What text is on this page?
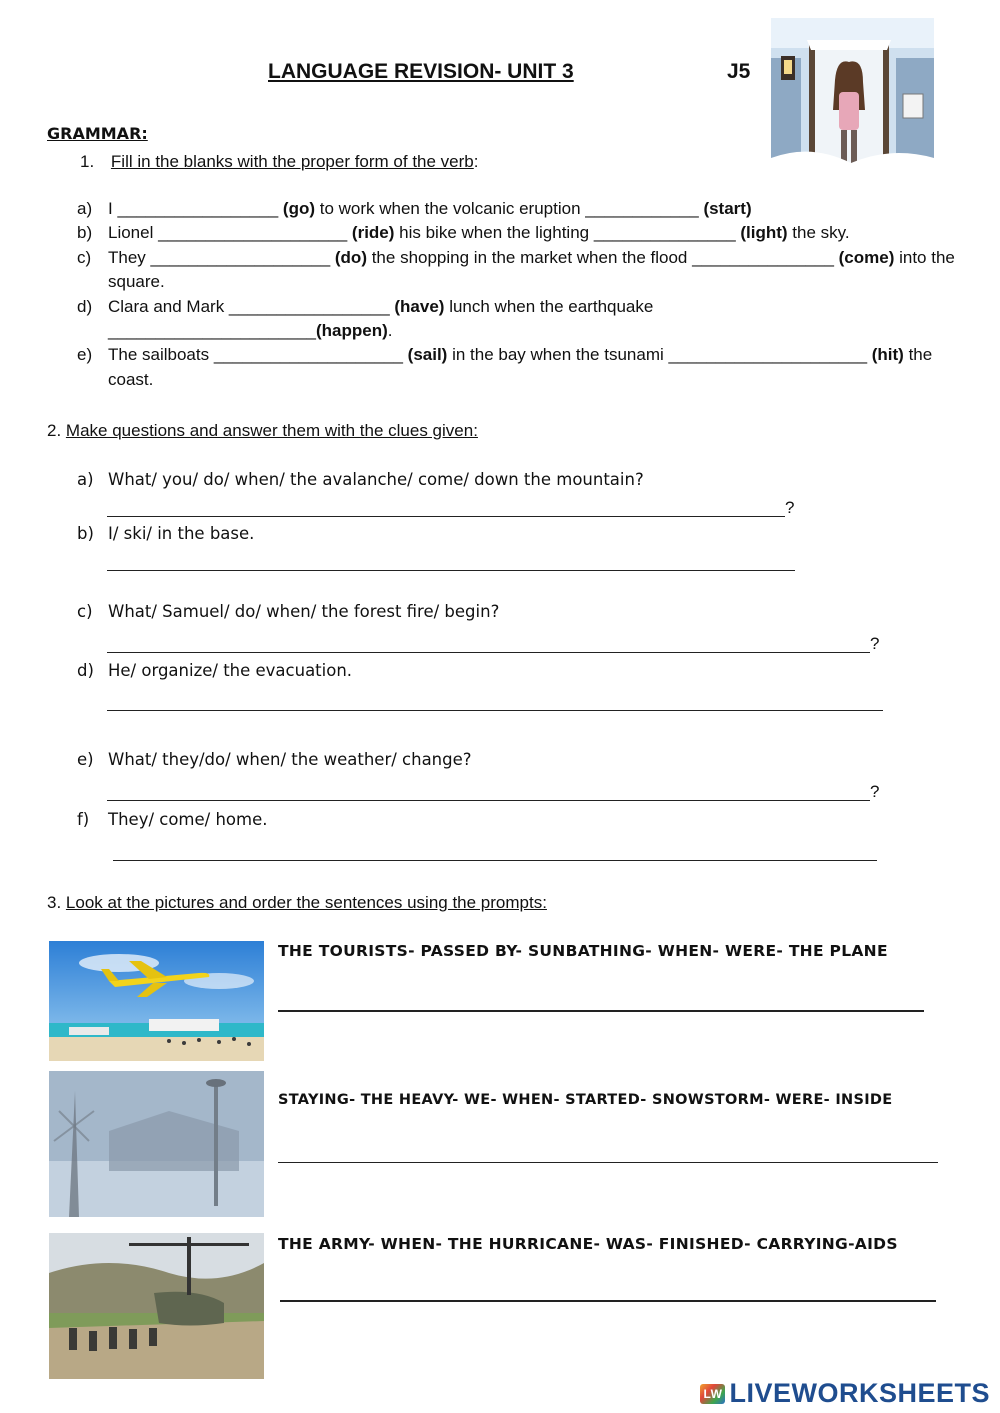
LANGUAGE REVISION- UNIT 3	J5
GRAMMAR:
1. Fill in the blanks with the proper form of the verb:
a) I _________________ (go) to work when the volcanic eruption ____________ (start)
b) Lionel ____________________ (ride) his bike when the lighting _______________ (light) the sky.
c) They ___________________ (do) the shopping in the market when the flood _______________ (come) into the square.
d) Clara and Mark _________________ (have) lunch when the earthquake ______________________(happen).
e) The sailboats ____________________ (sail) in the bay when the tsunami _____________________ (hit) the coast.
2. Make questions and answer them with the clues given:
a) What/ you/ do/ when/ the avalanche/ come/ down the mountain?
?
b) I/ ski/ in the base.
c) What/ Samuel/ do/ when/ the forest fire/ begin?
?
d) He/ organize/ the evacuation.
e) What/ they/do/ when/ the weather/ change?
?
f) They/ come/ home.
3. Look at the pictures and order the sentences using the prompts:
THE TOURISTS- PASSED BY- SUNBATHING- WHEN- WERE- THE PLANE
STAYING- THE HEAVY- WE- WHEN- STARTED- SNOWSTORM- WERE- INSIDE
THE ARMY- WHEN- THE HURRICANE- WAS- FINISHED- CARRYING-AIDS
LW LIVEWORKSHEETS
